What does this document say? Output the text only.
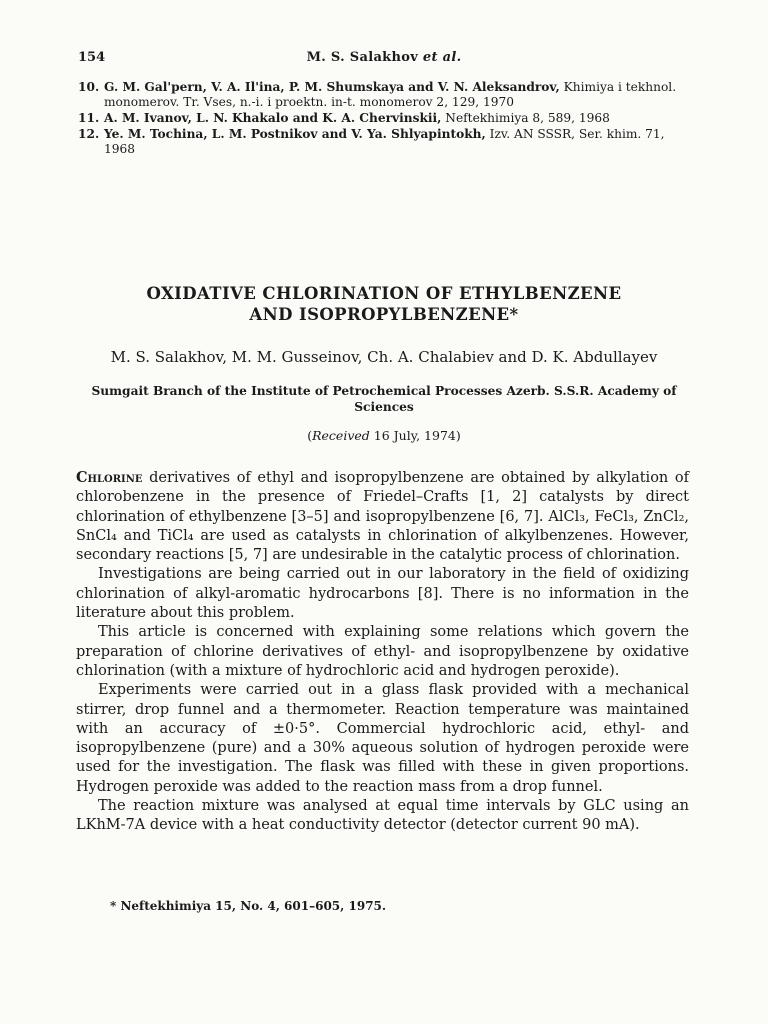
154	M. S. Salakhov et al.
10. G. M. Gal'pern, V. A. Il'ina, P. M. Shumskaya and V. N. Aleksandrov, Khimiya i tekhnol. monomerov. Tr. Vses, n.-i. i proektn. in-t. monomerov 2, 129, 1970
11. A. M. Ivanov, L. N. Khakalo and K. A. Chervinskii, Neftekhimiya 8, 589, 1968
12. Ye. M. Tochina, L. M. Postnikov and V. Ya. Shlyapintokh, Izv. AN SSSR, Ser. khim. 71, 1968
OXIDATIVE CHLORINATION OF ETHYLBENZENE
AND ISOPROPYLBENZENE*
M. S. Salakhov, M. M. Gusseinov, Ch. A. Chalabiev and D. K. Abdullayev
Sumgait Branch of the Institute of Petrochemical Processes Azerb. S.S.R. Academy of Sciences
(Received 16 July, 1974)

Chlorine derivatives of ethyl and isopropylbenzene are obtained by alkylation of chlorobenzene in the presence of Friedel–Crafts [1, 2] catalysts by direct chlorination of ethylbenzene [3–5] and isopropylbenzene [6, 7]. AlCl₃, FeCl₃, ZnCl₂, SnCl₄ and TiCl₄ are used as catalysts in chlorination of alkylbenzenes. However, secondary reactions [5, 7] are undesirable in the catalytic process of chlorination.

Investigations are being carried out in our laboratory in the field of oxidizing chlorination of alkyl-aromatic hydrocarbons [8]. There is no information in the literature about this problem.

This article is concerned with explaining some relations which govern the preparation of chlorine derivatives of ethyl- and isopropylbenzene by oxidative chlorination (with a mixture of hydrochloric acid and hydrogen peroxide).

Experiments were carried out in a glass flask provided with a mechanical stirrer, drop funnel and a thermometer. Reaction temperature was maintained with an accuracy of ±0·5°. Commercial hydrochloric acid, ethyl- and isopropylbenzene (pure) and a 30% aqueous solution of hydrogen peroxide were used for the investigation. The flask was filled with these in given proportions. Hydrogen peroxide was added to the reaction mass from a drop funnel.

The reaction mixture was analysed at equal time intervals by GLC using an LKhM-7A device with a heat conductivity detector (detector current 90 mA).

* Neftekhimiya 15, No. 4, 601–605, 1975.
